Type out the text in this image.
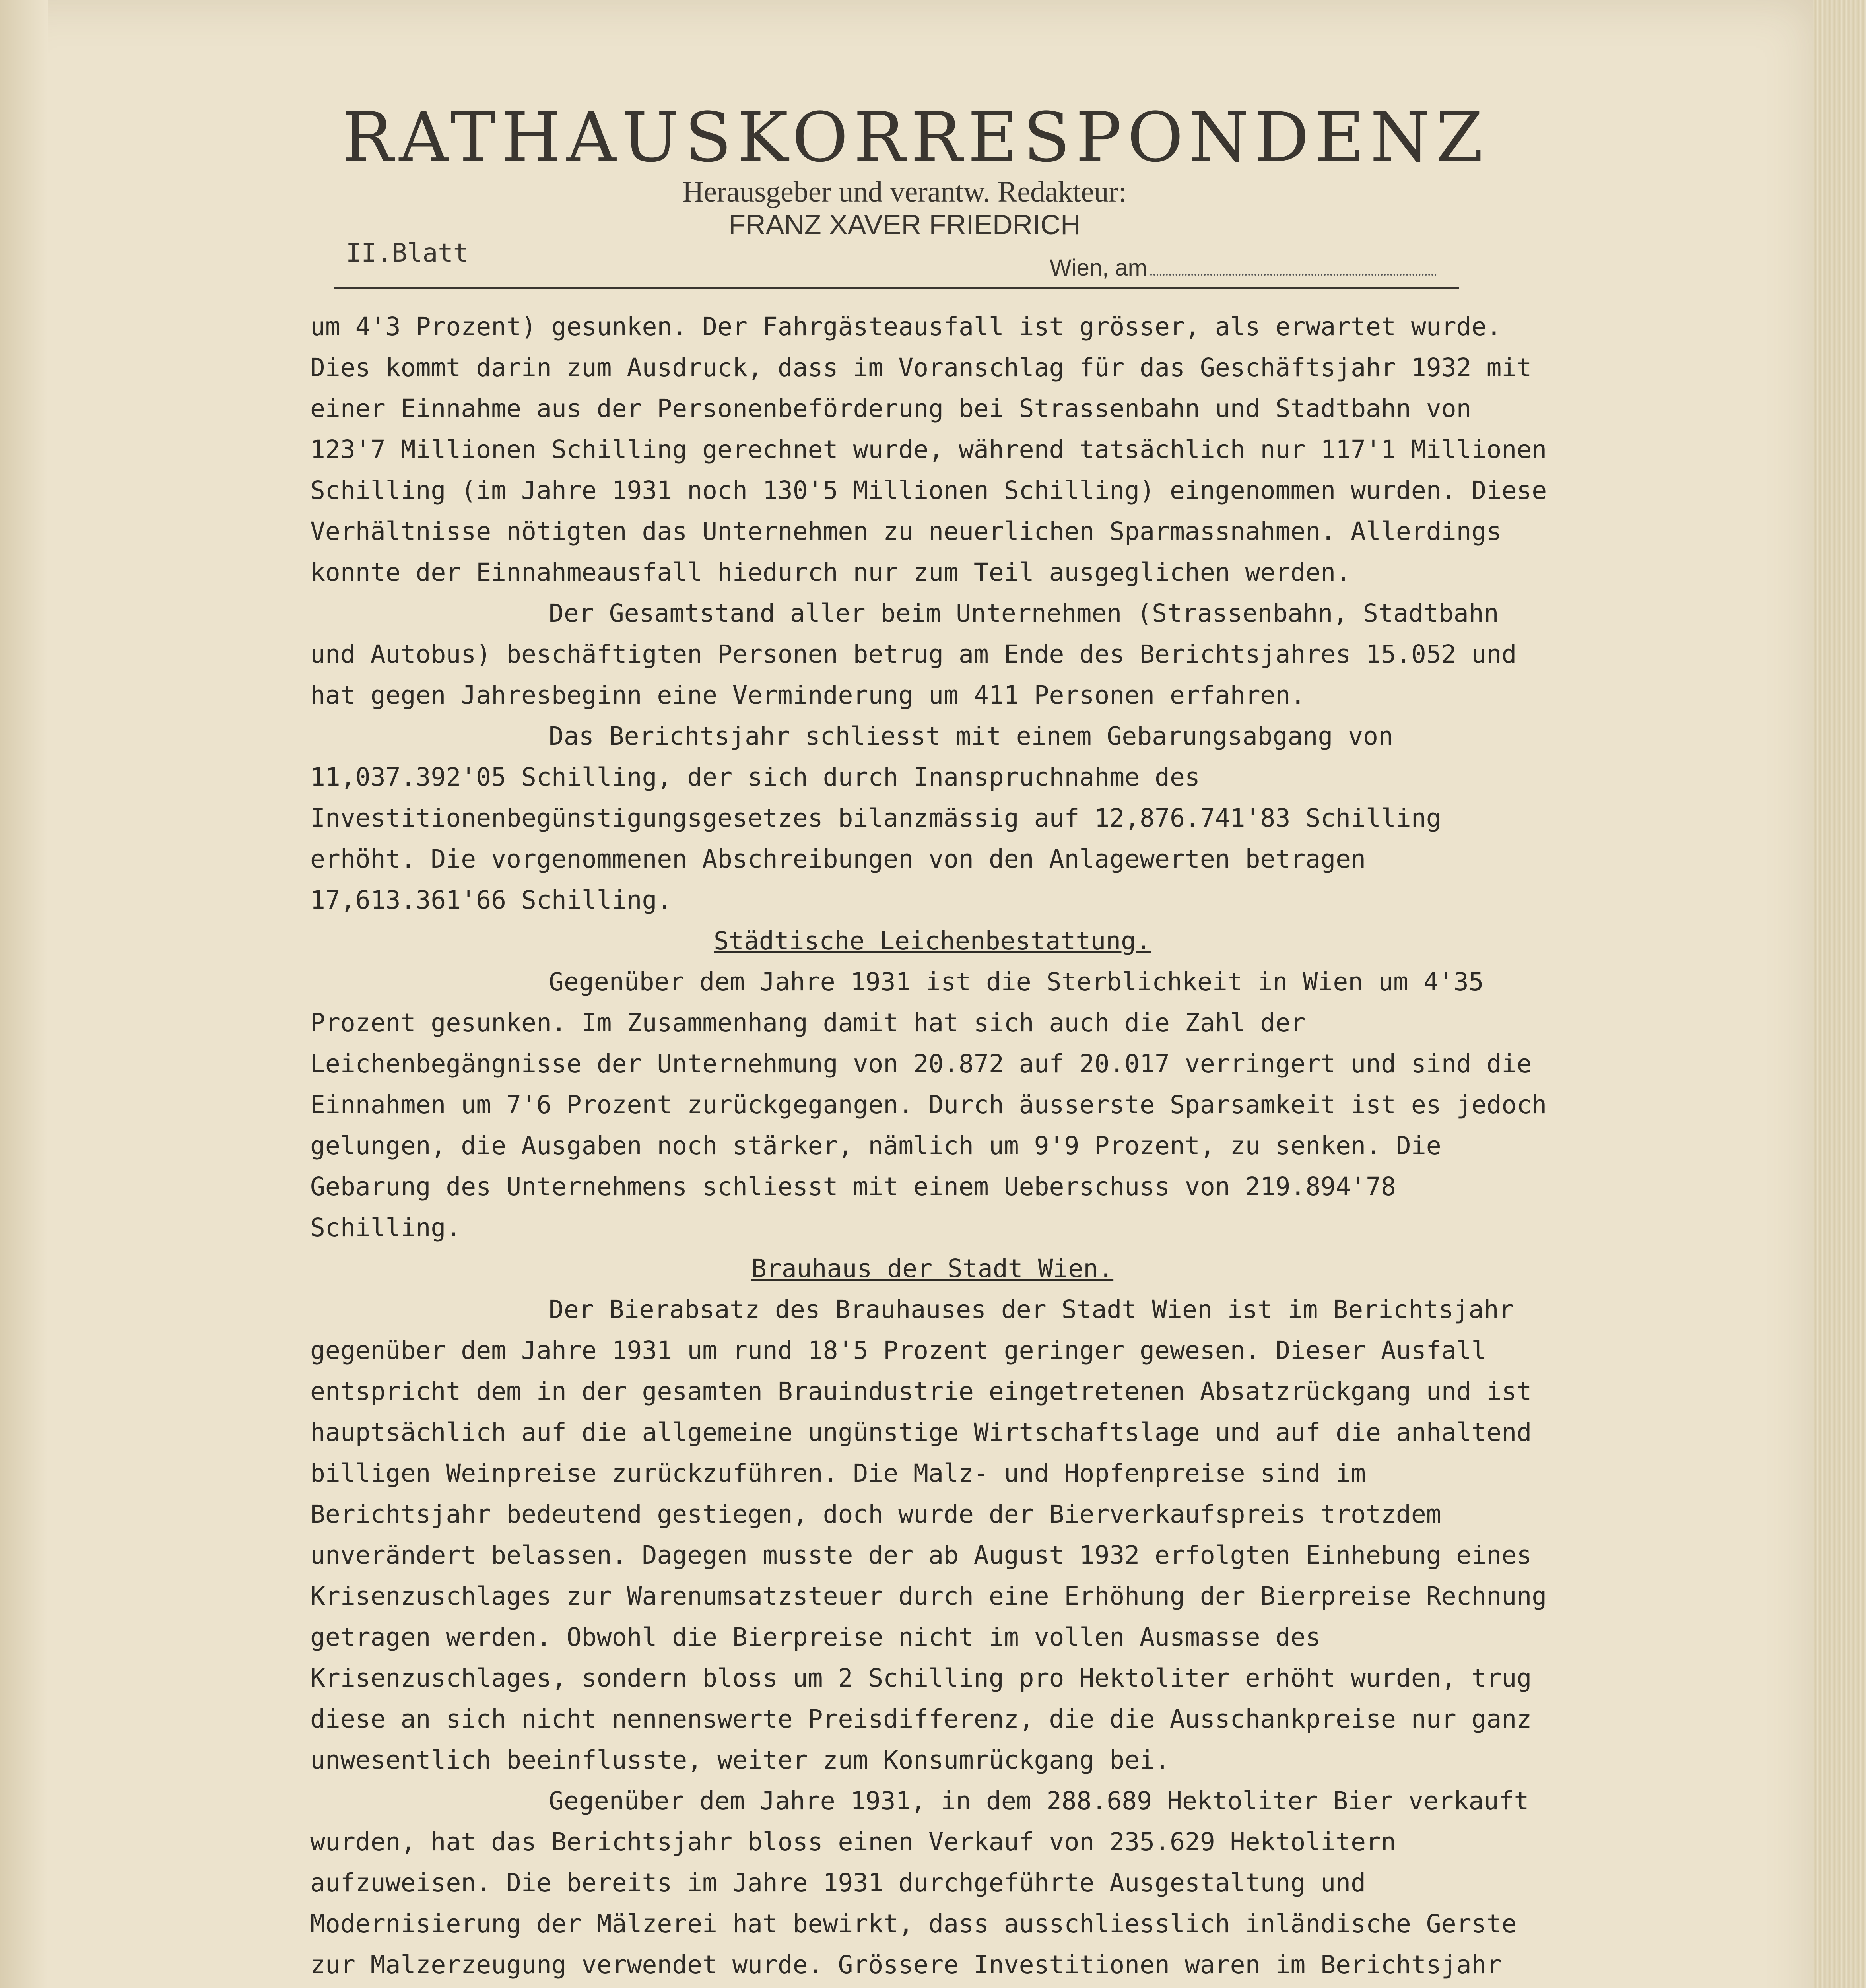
RATHAUSKORRESPONDENZ
Herausgeber und verantw. Redakteur:
FRANZ XAVER FRIEDRICH
II.Blatt	Wien, am

um 4'3 Prozent) gesunken. Der Fahrgästeausfall ist grösser, als erwartet wurde. Dies kommt darin zum Ausdruck, dass im Voranschlag für das Geschäftsjahr 1932 mit einer Einnahme aus der Personenbeförderung bei Strassenbahn und Stadtbahn von 123'7 Millionen Schilling gerechnet wurde, während tatsächlich nur 117'1 Millionen Schilling (im Jahre 1931 noch 130'5 Millionen Schilling) eingenommen wurden. Diese Verhältnisse nötigten das Unternehmen zu neuerlichen Sparmassnahmen. Allerdings konnte der Einnahmeausfall hiedurch nur zum Teil ausgeglichen werden.

Der Gesamtstand aller beim Unternehmen (Strassenbahn, Stadtbahn und Autobus) beschäftigten Personen betrug am Ende des Berichtsjahres 15.052 und hat gegen Jahresbeginn eine Verminderung um 411 Personen erfahren.

Das Berichtsjahr schliesst mit einem Gebarungsabgang von 11,037.392'05 Schilling, der sich durch Inanspruchnahme des Investitionenbegünstigungsgesetzes bilanzmässig auf 12,876.741'83 Schilling erhöht. Die vorgenommenen Abschreibungen von den Anlagewerten betragen 17,613.361'66 Schilling.

Städtische Leichenbestattung.

Gegenüber dem Jahre 1931 ist die Sterblichkeit in Wien um 4'35 Prozent gesunken. Im Zusammenhang damit hat sich auch die Zahl der Leichenbegängnisse der Unternehmung von 20.872 auf 20.017 verringert und sind die Einnahmen um 7'6 Prozent zurückgegangen. Durch äusserste Sparsamkeit ist es jedoch gelungen, die Ausgaben noch stärker, nämlich um 9'9 Prozent, zu senken. Die Gebarung des Unternehmens schliesst mit einem Ueberschuss von 219.894'78 Schilling.

Brauhaus der Stadt Wien.

Der Bierabsatz des Brauhauses der Stadt Wien ist im Berichtsjahr gegenüber dem Jahre 1931 um rund 18'5 Prozent geringer gewesen. Dieser Ausfall entspricht dem in der gesamten Brauindustrie eingetretenen Absatzrückgang und ist hauptsächlich auf die allgemeine ungünstige Wirtschaftslage und auf die anhaltend billigen Weinpreise zurückzuführen. Die Malz- und Hopfenpreise sind im Berichtsjahr bedeutend gestiegen, doch wurde der Bierverkaufspreis trotzdem unverändert belassen. Dagegen musste der ab August 1932 erfolgten Einhebung eines Krisenzuschlages zur Warenumsatzsteuer durch eine Erhöhung der Bierpreise Rechnung getragen werden. Obwohl die Bierpreise nicht im vollen Ausmasse des Krisenzuschlages, sondern bloss um 2 Schilling pro Hektoliter erhöht wurden, trug diese an sich nicht nennenswerte Preisdifferenz, die die Ausschankpreise nur ganz unwesentlich beeinflusste, weiter zum Konsumrückgang bei.

Gegenüber dem Jahre 1931, in dem 288.689 Hektoliter Bier verkauft wurden, hat das Berichtsjahr bloss einen Verkauf von 235.629 Hektolitern aufzuweisen. Die bereits im Jahre 1931 durchgeführte Ausgestaltung und Modernisierung der Mälzerei hat bewirkt, dass ausschliesslich inländische Gerste zur Malzerzeugung verwendet wurde. Grössere Investitionen waren im Berichtsjahr
